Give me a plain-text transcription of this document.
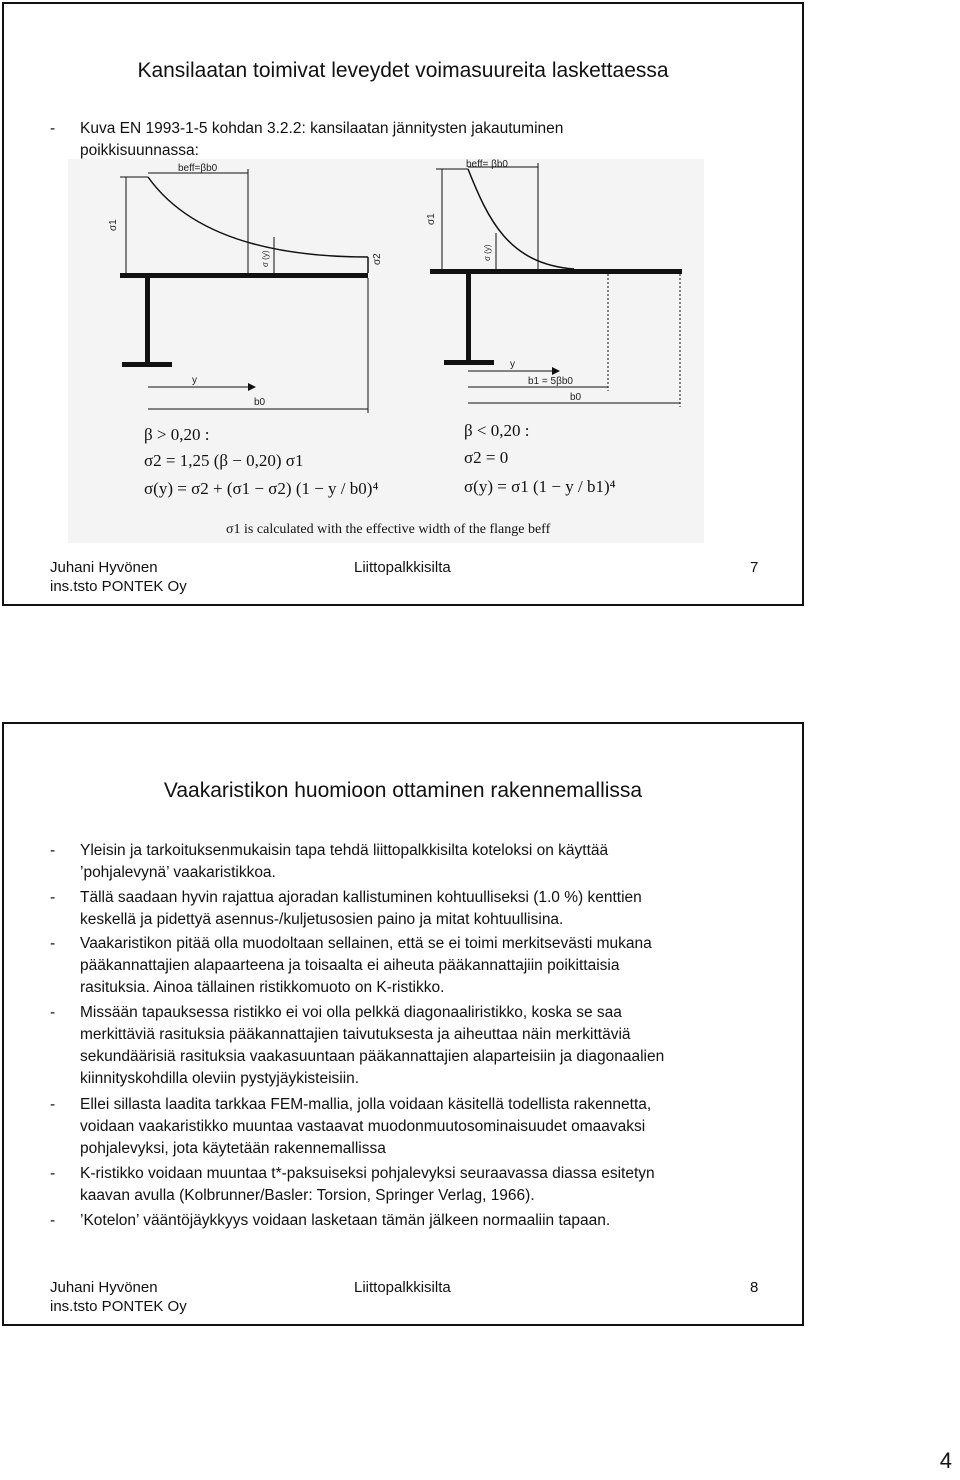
Kansilaatan toimivat leveydet voimasuureita laskettaessa
- Kuva EN 1993-1-5 kohdan 3.2.2: kansilaatan jännitysten jakautuminen
poikkisuunnassa:
beff=βb0
σ1
σ2
σ (y)
y
b0
β > 0,20 :
σ2 = 1,25 (β − 0,20) σ1
σ(y) = σ2 + (σ1 − σ2) (1 − y / b0)⁴
beff= βb0
σ1
σ (y)
y
b1 = 5βb0
b0
β < 0,20 :
σ2 = 0
σ(y) = σ1 (1 − y / b1)⁴
σ1 is calculated with the effective width of the flange beff
Juhani Hyvönen
ins.tsto PONTEK Oy
Liittopalkkisilta	7
Vaakaristikon huomioon ottaminen rakennemallissa
- Yleisin ja tarkoituksenmukaisin tapa tehdä liittopalkkisilta koteloksi on käyttää
’pohjalevynä’ vaakaristikkoa.
- Tällä saadaan hyvin rajattua ajoradan kallistuminen kohtuulliseksi (1.0 %) kenttien
keskellä ja pidettyä asennus-/kuljetusosien paino ja mitat kohtuullisina.
- Vaakaristikon pitää olla muodoltaan sellainen, että se ei toimi merkitsevästi mukana
pääkannattajien alapaarteena ja toisaalta ei aiheuta pääkannattajiin poikittaisia
rasituksia. Ainoa tällainen ristikkomuoto on K-ristikko.
- Missään tapauksessa ristikko ei voi olla pelkkä diagonaaliristikko, koska se saa
merkittäviä rasituksia pääkannattajien taivutuksesta ja aiheuttaa näin merkittäviä
sekundäärisiä rasituksia vaakasuuntaan pääkannattajien alaparteisiin ja diagonaalien
kiinnityskohdilla oleviin pystyjäykisteisiin.
- Ellei sillasta laadita tarkkaa FEM-mallia, jolla voidaan käsitellä todellista rakennetta,
voidaan vaakaristikko muuntaa vastaavat muodonmuutosominaisuudet omaavaksi
pohjalevyksi, jota käytetään rakennemallissa
- K-ristikko voidaan muuntaa t*-paksuiseksi pohjalevyksi seuraavassa diassa esitetyn
kaavan avulla (Kolbrunner/Basler: Torsion, Springer Verlag, 1966).
- ’Kotelon’ vääntöjäykkyys voidaan lasketaan tämän jälkeen normaaliin tapaan.
Juhani Hyvönen
ins.tsto PONTEK Oy
Liittopalkkisilta	8
4
